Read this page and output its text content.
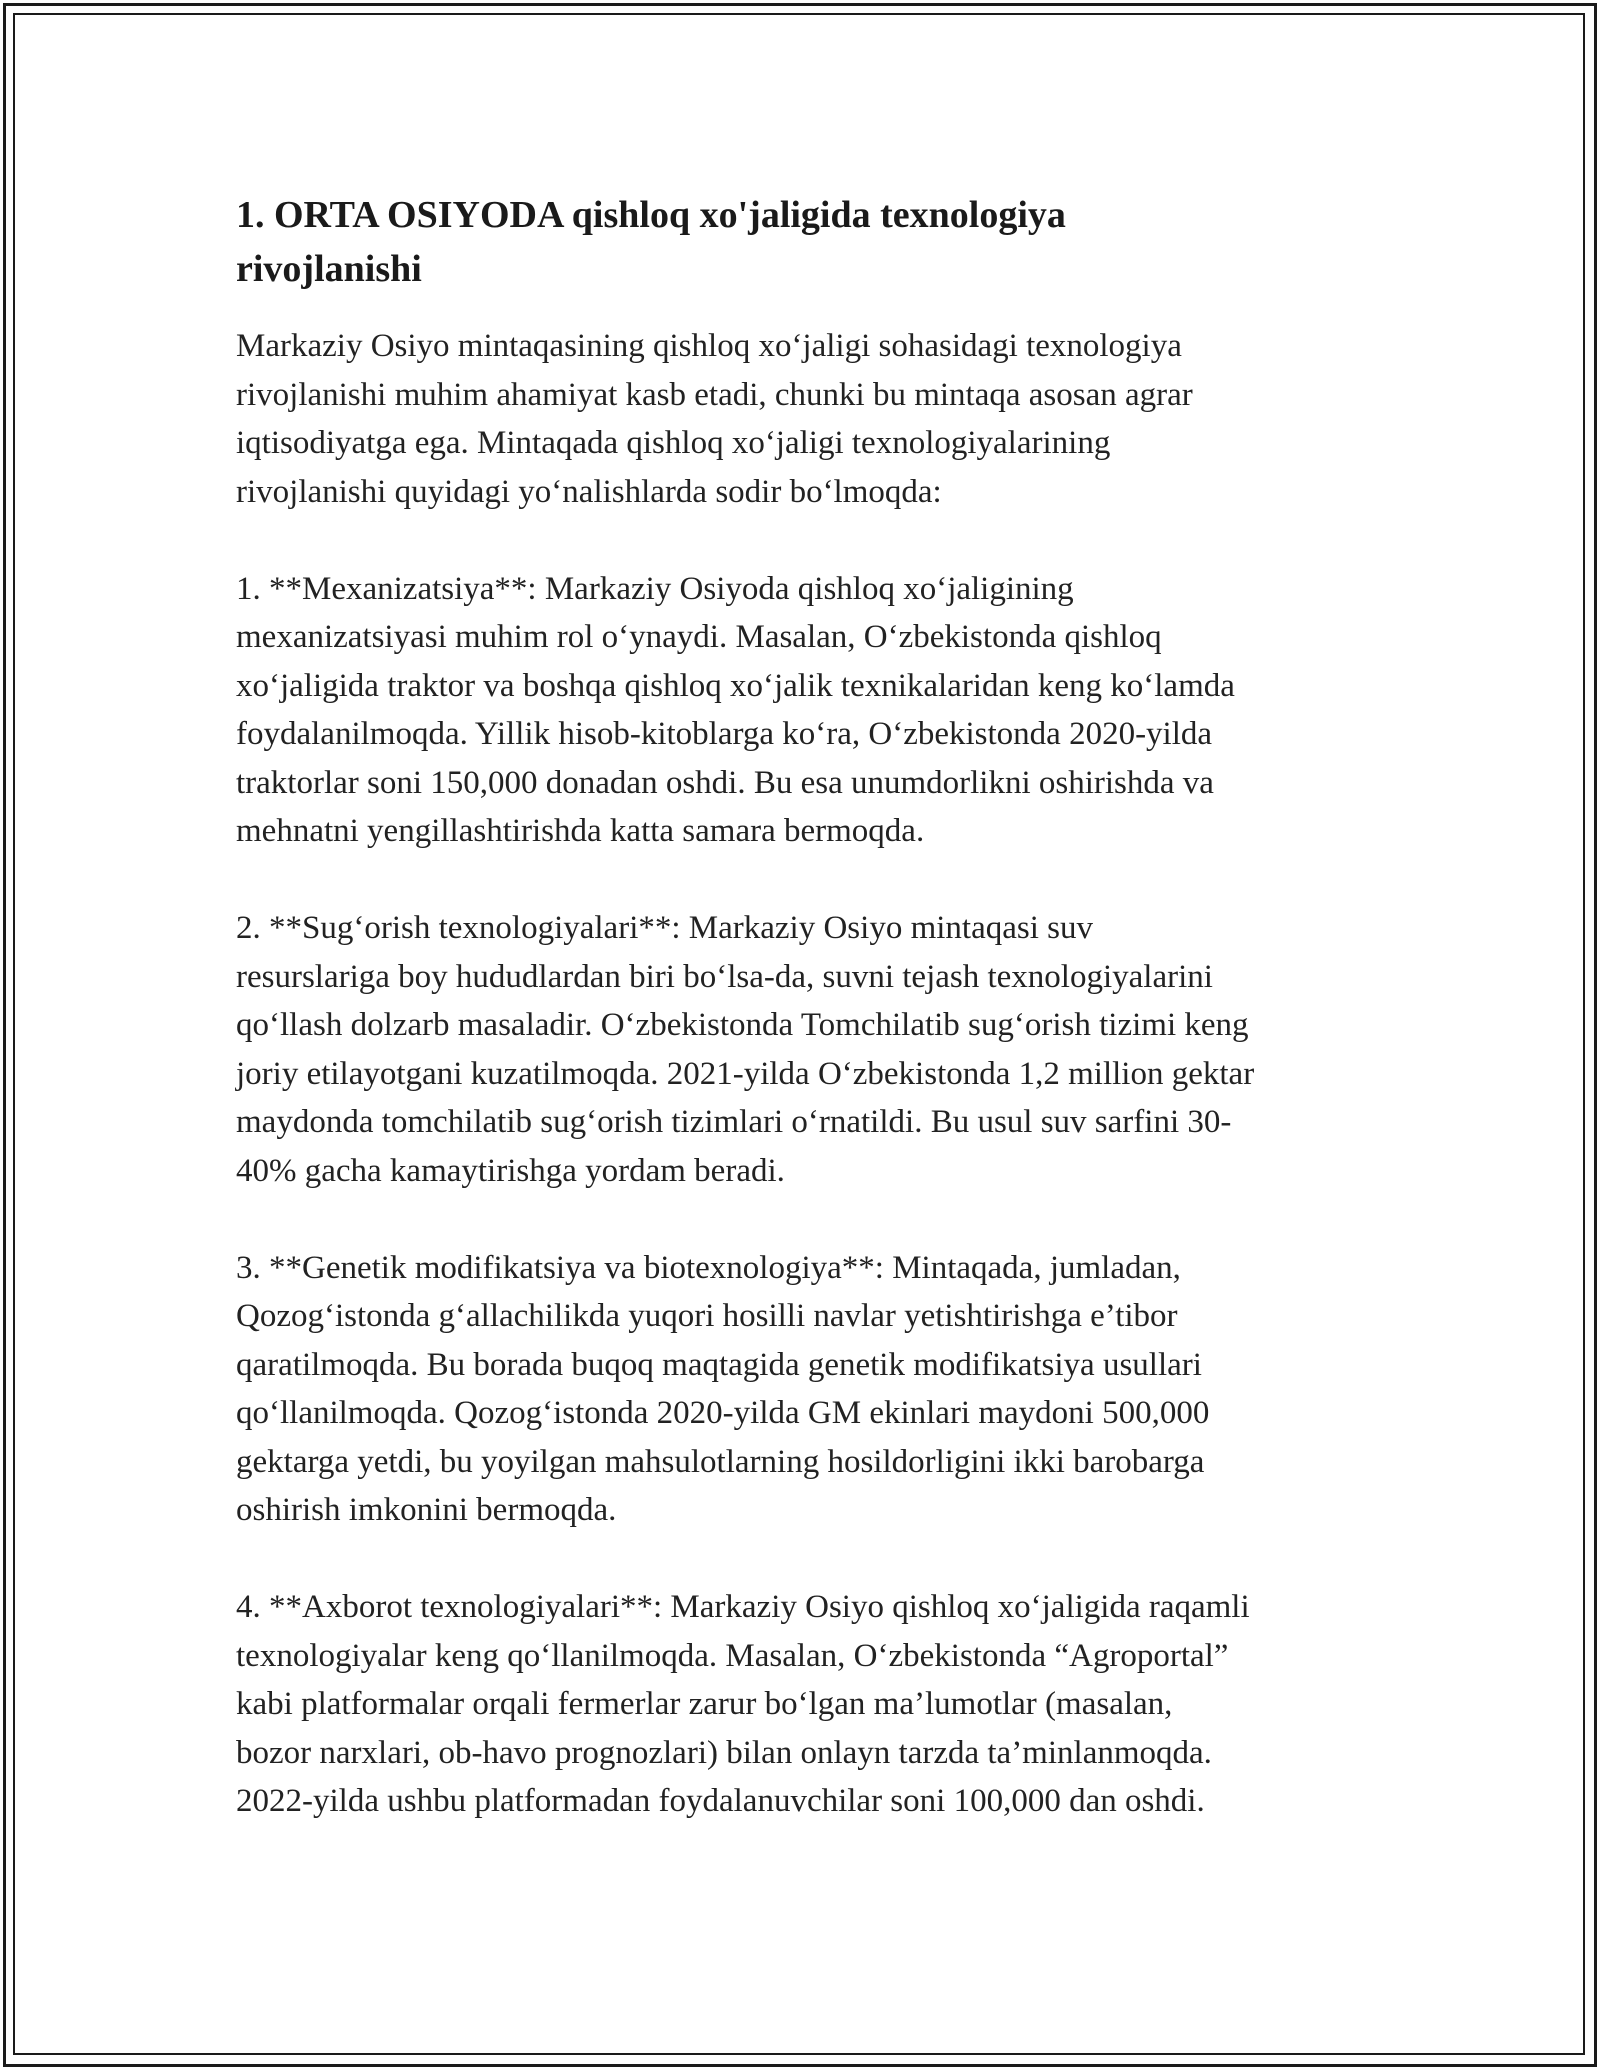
1. ORTA OSIYODA qishloq xo'jaligida texnologiya
rivojlanishi

Markaziy Osiyo mintaqasining qishloq xo‘jaligi sohasidagi texnologiya
rivojlanishi muhim ahamiyat kasb etadi, chunki bu mintaqa asosan agrar
iqtisodiyatga ega. Mintaqada qishloq xo‘jaligi texnologiyalarining
rivojlanishi quyidagi yo‘nalishlarda sodir bo‘lmoqda:

1. **Mexanizatsiya**: Markaziy Osiyoda qishloq xo‘jaligining
mexanizatsiyasi muhim rol o‘ynaydi. Masalan, O‘zbekistonda qishloq
xo‘jaligida traktor va boshqa qishloq xo‘jalik texnikalaridan keng ko‘lamda
foydalanilmoqda. Yillik hisob-kitoblarga ko‘ra, O‘zbekistonda 2020-yilda
traktorlar soni 150,000 donadan oshdi. Bu esa unumdorlikni oshirishda va
mehnatni yengillashtirishda katta samara bermoqda.

2. **Sug‘orish texnologiyalari**: Markaziy Osiyo mintaqasi suv
resurslariga boy hududlardan biri bo‘lsa-da, suvni tejash texnologiyalarini
qo‘llash dolzarb masaladir. O‘zbekistonda Tomchilatib sug‘orish tizimi keng
joriy etilayotgani kuzatilmoqda. 2021-yilda O‘zbekistonda 1,2 million gektar
maydonda tomchilatib sug‘orish tizimlari o‘rnatildi. Bu usul suv sarfini 30-
40% gacha kamaytirishga yordam beradi.

3. **Genetik modifikatsiya va biotexnologiya**: Mintaqada, jumladan,
Qozog‘istonda g‘allachilikda yuqori hosilli navlar yetishtirishga e’tibor
qaratilmoqda. Bu borada buqoq maqtagida genetik modifikatsiya usullari
qo‘llanilmoqda. Qozog‘istonda 2020-yilda GM ekinlari maydoni 500,000
gektarga yetdi, bu yoyilgan mahsulotlarning hosildorligini ikki barobarga
oshirish imkonini bermoqda.

4. **Axborot texnologiyalari**: Markaziy Osiyo qishloq xo‘jaligida raqamli
texnologiyalar keng qo‘llanilmoqda. Masalan, O‘zbekistonda “Agroportal”
kabi platformalar orqali fermerlar zarur bo‘lgan ma’lumotlar (masalan,
bozor narxlari, ob-havo prognozlari) bilan onlayn tarzda ta’minlanmoqda.
2022-yilda ushbu platformadan foydalanuvchilar soni 100,000 dan oshdi.
